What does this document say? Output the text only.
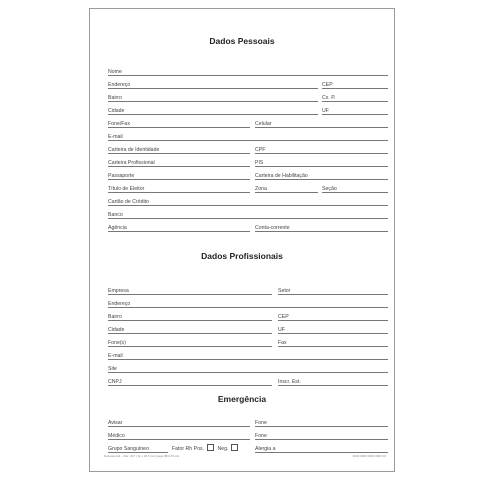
Dados Pessoais
Nome
Endereço	CEP
Bairro	Cx. P.
Cidade	UF
Fone/Fax	Celular
E-mail
Carteira de Identidade	CPF
Carteira Profissional	PIS
Passaporte	Carteira de Habilitação
Título de Eleitor	Zona	Seção
Cartão de Crédito
Banco
Agência	Conta-corrente
Dados Profissionais
Empresa	Setor
Endereço
Bairro	CEP
Cidade	UF
Fone(s)	Fax
E-mail
Site
CNPJ	Inscr. Est.
Emergência
Avisar	Fone
Médico	Fone
Grupo Sanguíneo	Fator Rh Pos.	Neg.	Alergia a
Reliance Ed. - Ref. 407 / 11 x 16,5 (ou) págs 88x170 p/H	0000 0000 0000 0000 00
